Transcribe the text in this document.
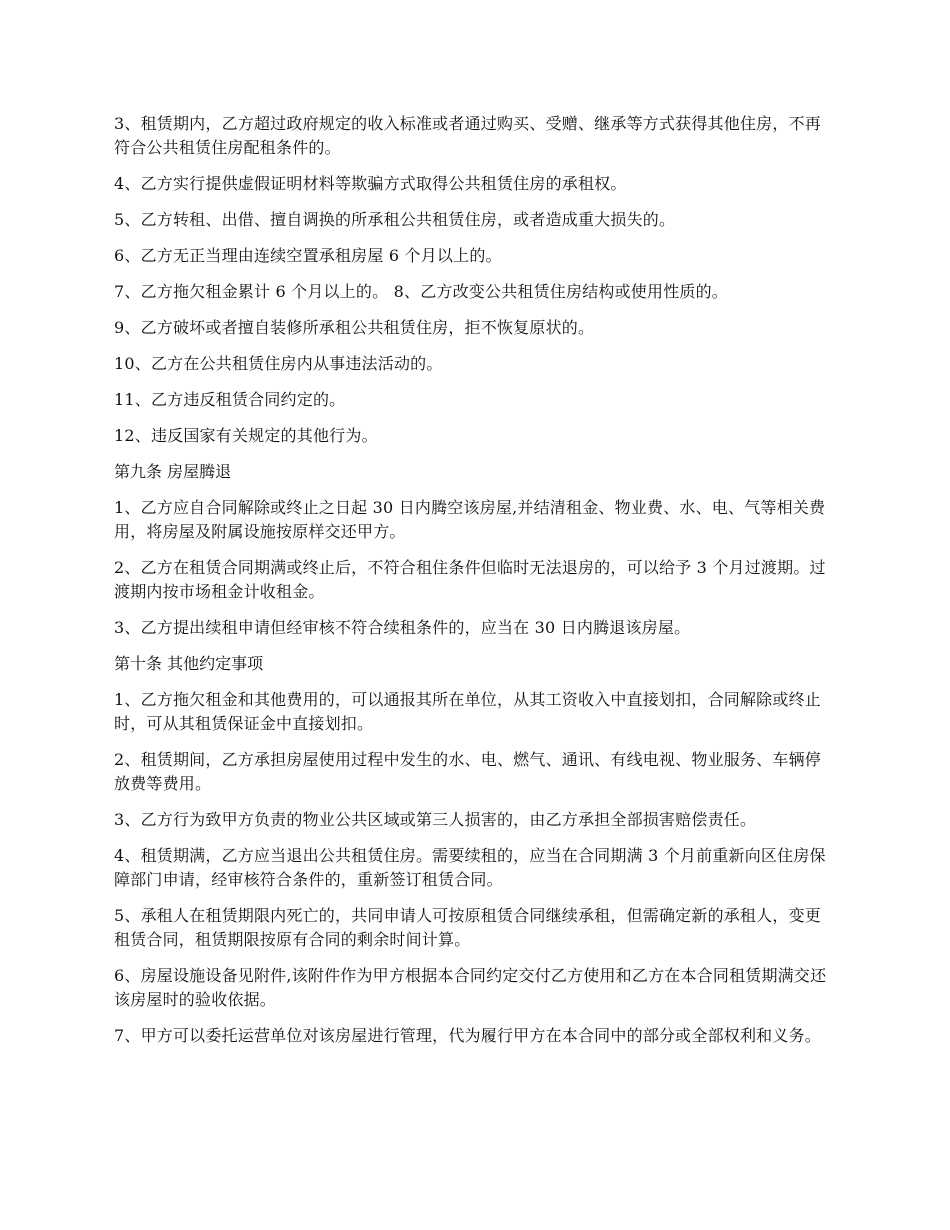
3、租赁期内，乙方超过政府规定的收入标准或者通过购买、受赠、继承等方式获得其他住房，不再符合公共租赁住房配租条件的。

4、乙方实行提供虚假证明材料等欺骗方式取得公共租赁住房的承租权。

5、乙方转租、出借、擅自调换的所承租公共租赁住房，或者造成重大损失的。

6、乙方无正当理由连续空置承租房屋 6 个月以上的。

7、乙方拖欠租金累计 6 个月以上的。 8、乙方改变公共租赁住房结构或使用性质的。

9、乙方破坏或者擅自装修所承租公共租赁住房，拒不恢复原状的。

10、乙方在公共租赁住房内从事违法活动的。

11、乙方违反租赁合同约定的。

12、违反国家有关规定的其他行为。

第九条 房屋腾退

1、乙方应自合同解除或终止之日起 30 日内腾空该房屋,并结清租金、物业费、水、电、气等相关费用，将房屋及附属设施按原样交还甲方。

2、乙方在租赁合同期满或终止后，不符合租住条件但临时无法退房的，可以给予 3 个月过渡期。过渡期内按市场租金计收租金。

3、乙方提出续租申请但经审核不符合续租条件的，应当在 30 日内腾退该房屋。

第十条 其他约定事项

1、乙方拖欠租金和其他费用的，可以通报其所在单位，从其工资收入中直接划扣，合同解除或终止时，可从其租赁保证金中直接划扣。

2、租赁期间，乙方承担房屋使用过程中发生的水、电、燃气、通讯、有线电视、物业服务、车辆停放费等费用。

3、乙方行为致甲方负责的物业公共区域或第三人损害的，由乙方承担全部损害赔偿责任。

4、租赁期满，乙方应当退出公共租赁住房。需要续租的，应当在合同期满 3 个月前重新向区住房保障部门申请，经审核符合条件的，重新签订租赁合同。

5、承租人在租赁期限内死亡的，共同申请人可按原租赁合同继续承租，但需确定新的承租人，变更租赁合同，租赁期限按原有合同的剩余时间计算。

6、房屋设施设备见附件,该附件作为甲方根据本合同约定交付乙方使用和乙方在本合同租赁期满交还该房屋时的验收依据。

7、甲方可以委托运营单位对该房屋进行管理，代为履行甲方在本合同中的部分或全部权利和义务。
